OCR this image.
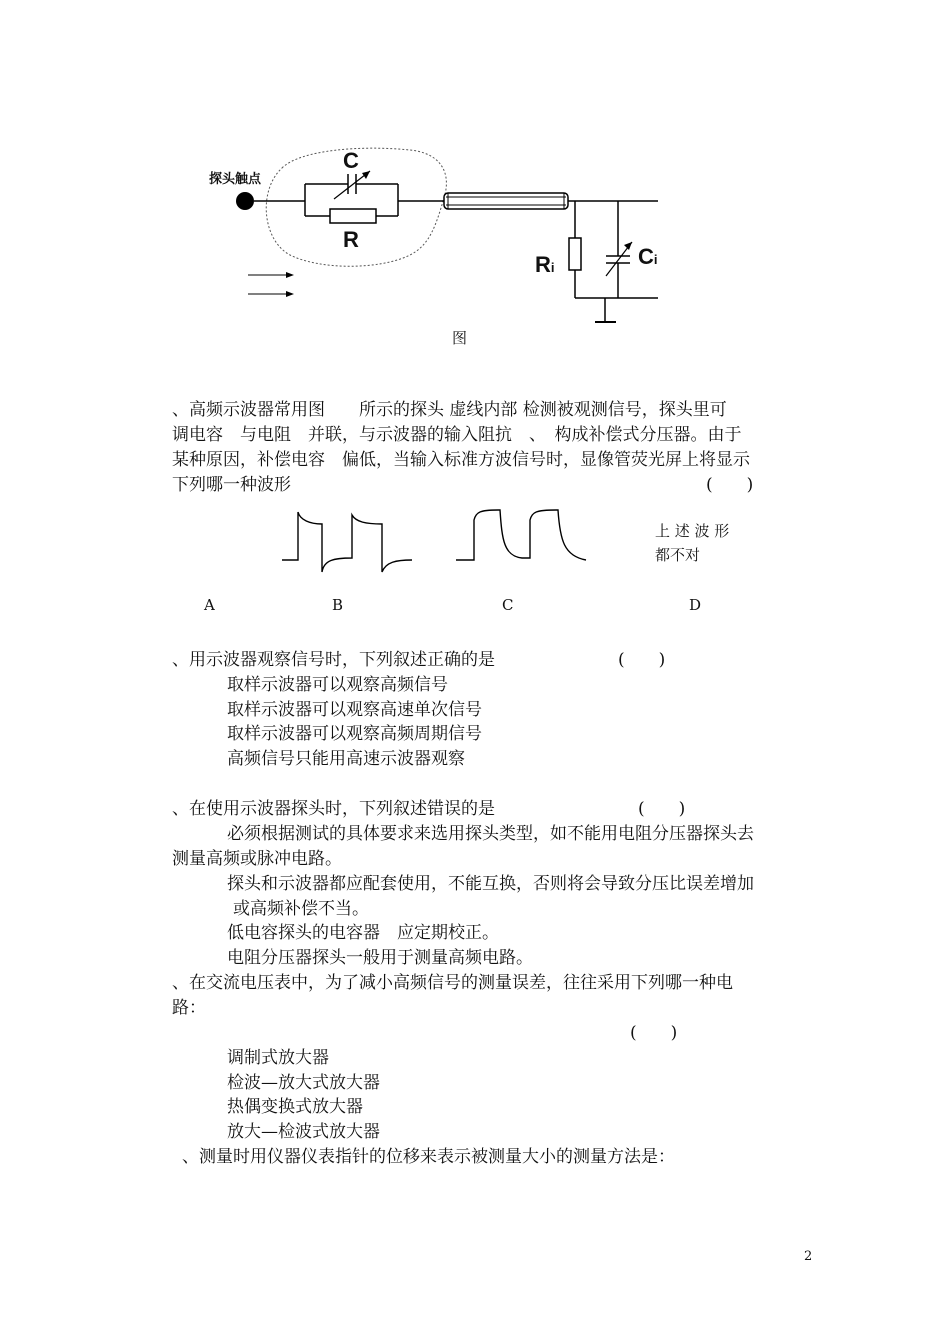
探头触点
C
R
Ri	Ci
图
、高频示波器常用图　　所示的探头 虚线内部 检测被观测信号，探头里可
调电容　与电阻　并联，与示波器的输入阻抗　、　构成补偿式分压器。由于
某种原因，补偿电容　偏低，当输入标准方波信号时，显像管荧光屏上将显示
下列哪一种波形	(　　)
上 述 波 形
都不对
A	B	C	D
、用示波器观察信号时，下列叙述正确的是	(　　)
取样示波器可以观察高频信号
取样示波器可以观察高速单次信号
取样示波器可以观察高频周期信号
高频信号只能用高速示波器观察
、在使用示波器探头时，下列叙述错误的是	(　　)
必须根据测试的具体要求来选用探头类型，如不能用电阻分压器探头去
测量高频或脉冲电路。
探头和示波器都应配套使用，不能互换，否则将会导致分压比误差增加
或高频补偿不当。
低电容探头的电容器　应定期校正。
电阻分压器探头一般用于测量高频电路。
、在交流电压表中，为了减小高频信号的测量误差，往往采用下列哪一种电
路：
(　　)
调制式放大器
检波—放大式放大器
热偶变换式放大器
放大—检波式放大器
、测量时用仪器仪表指针的位移来表示被测量大小的测量方法是：
2
